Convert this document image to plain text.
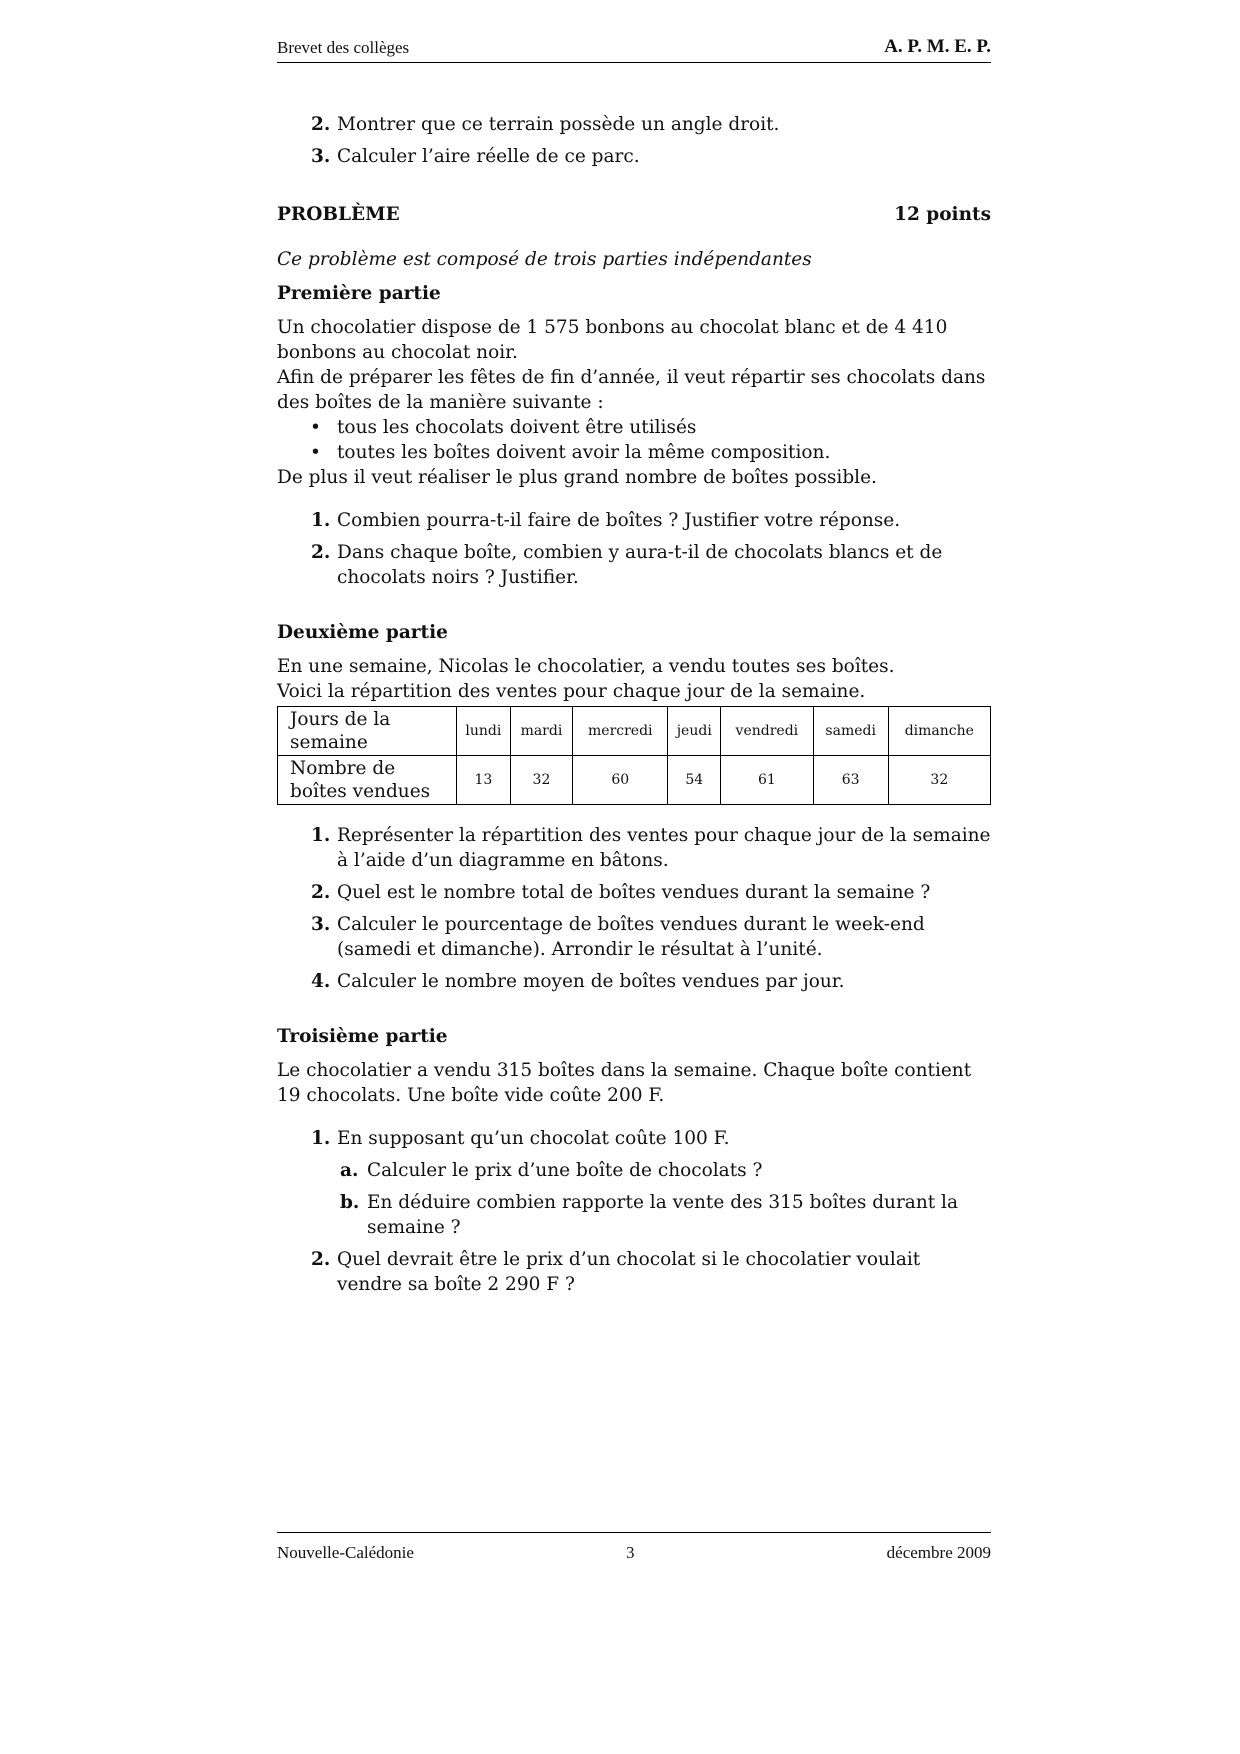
Brevet des collèges	A. P. M. E. P.

2. Montrer que ce terrain possède un angle droit.

3. Calculer l’aire réelle de ce parc.

PROBLÈME	12 points

Ce problème est composé de trois parties indépendantes

Première partie

Un chocolatier dispose de 1 575 bonbons au chocolat blanc et de 4 410 bonbons au chocolat noir.

Afin de préparer les fêtes de fin d’année, il veut répartir ses chocolats dans des boîtes de la manière suivante :

• tous les chocolats doivent être utilisés
• toutes les boîtes doivent avoir la même composition.

De plus il veut réaliser le plus grand nombre de boîtes possible.

1. Combien pourra-t-il faire de boîtes ? Justifier votre réponse.

2. Dans chaque boîte, combien y aura-t-il de chocolats blancs et de chocolats noirs ? Justifier.

Deuxième partie

En une semaine, Nicolas le chocolatier, a vendu toutes ses boîtes.

Voici la répartition des ventes pour chaque jour de la semaine.

Jours de la semaine	lundi	mardi	mercredi	jeudi	vendredi	samedi	dimanche
Nombre de boîtes vendues	13	32	60	54	61	63	32

1. Représenter la répartition des ventes pour chaque jour de la semaine à l’aide d’un diagramme en bâtons.

2. Quel est le nombre total de boîtes vendues durant la semaine ?

3. Calculer le pourcentage de boîtes vendues durant le week-end (samedi et dimanche). Arrondir le résultat à l’unité.

4. Calculer le nombre moyen de boîtes vendues par jour.

Troisième partie

Le chocolatier a vendu 315 boîtes dans la semaine. Chaque boîte contient 19 chocolats. Une boîte vide coûte 200 F.

1. En supposant qu’un chocolat coûte 100 F.

a. Calculer le prix d’une boîte de chocolats ?

b. En déduire combien rapporte la vente des 315 boîtes durant la semaine ?

2. Quel devrait être le prix d’un chocolat si le chocolatier voulait vendre sa boîte 2 290 F ?

Nouvelle-Calédonie	3	décembre 2009
